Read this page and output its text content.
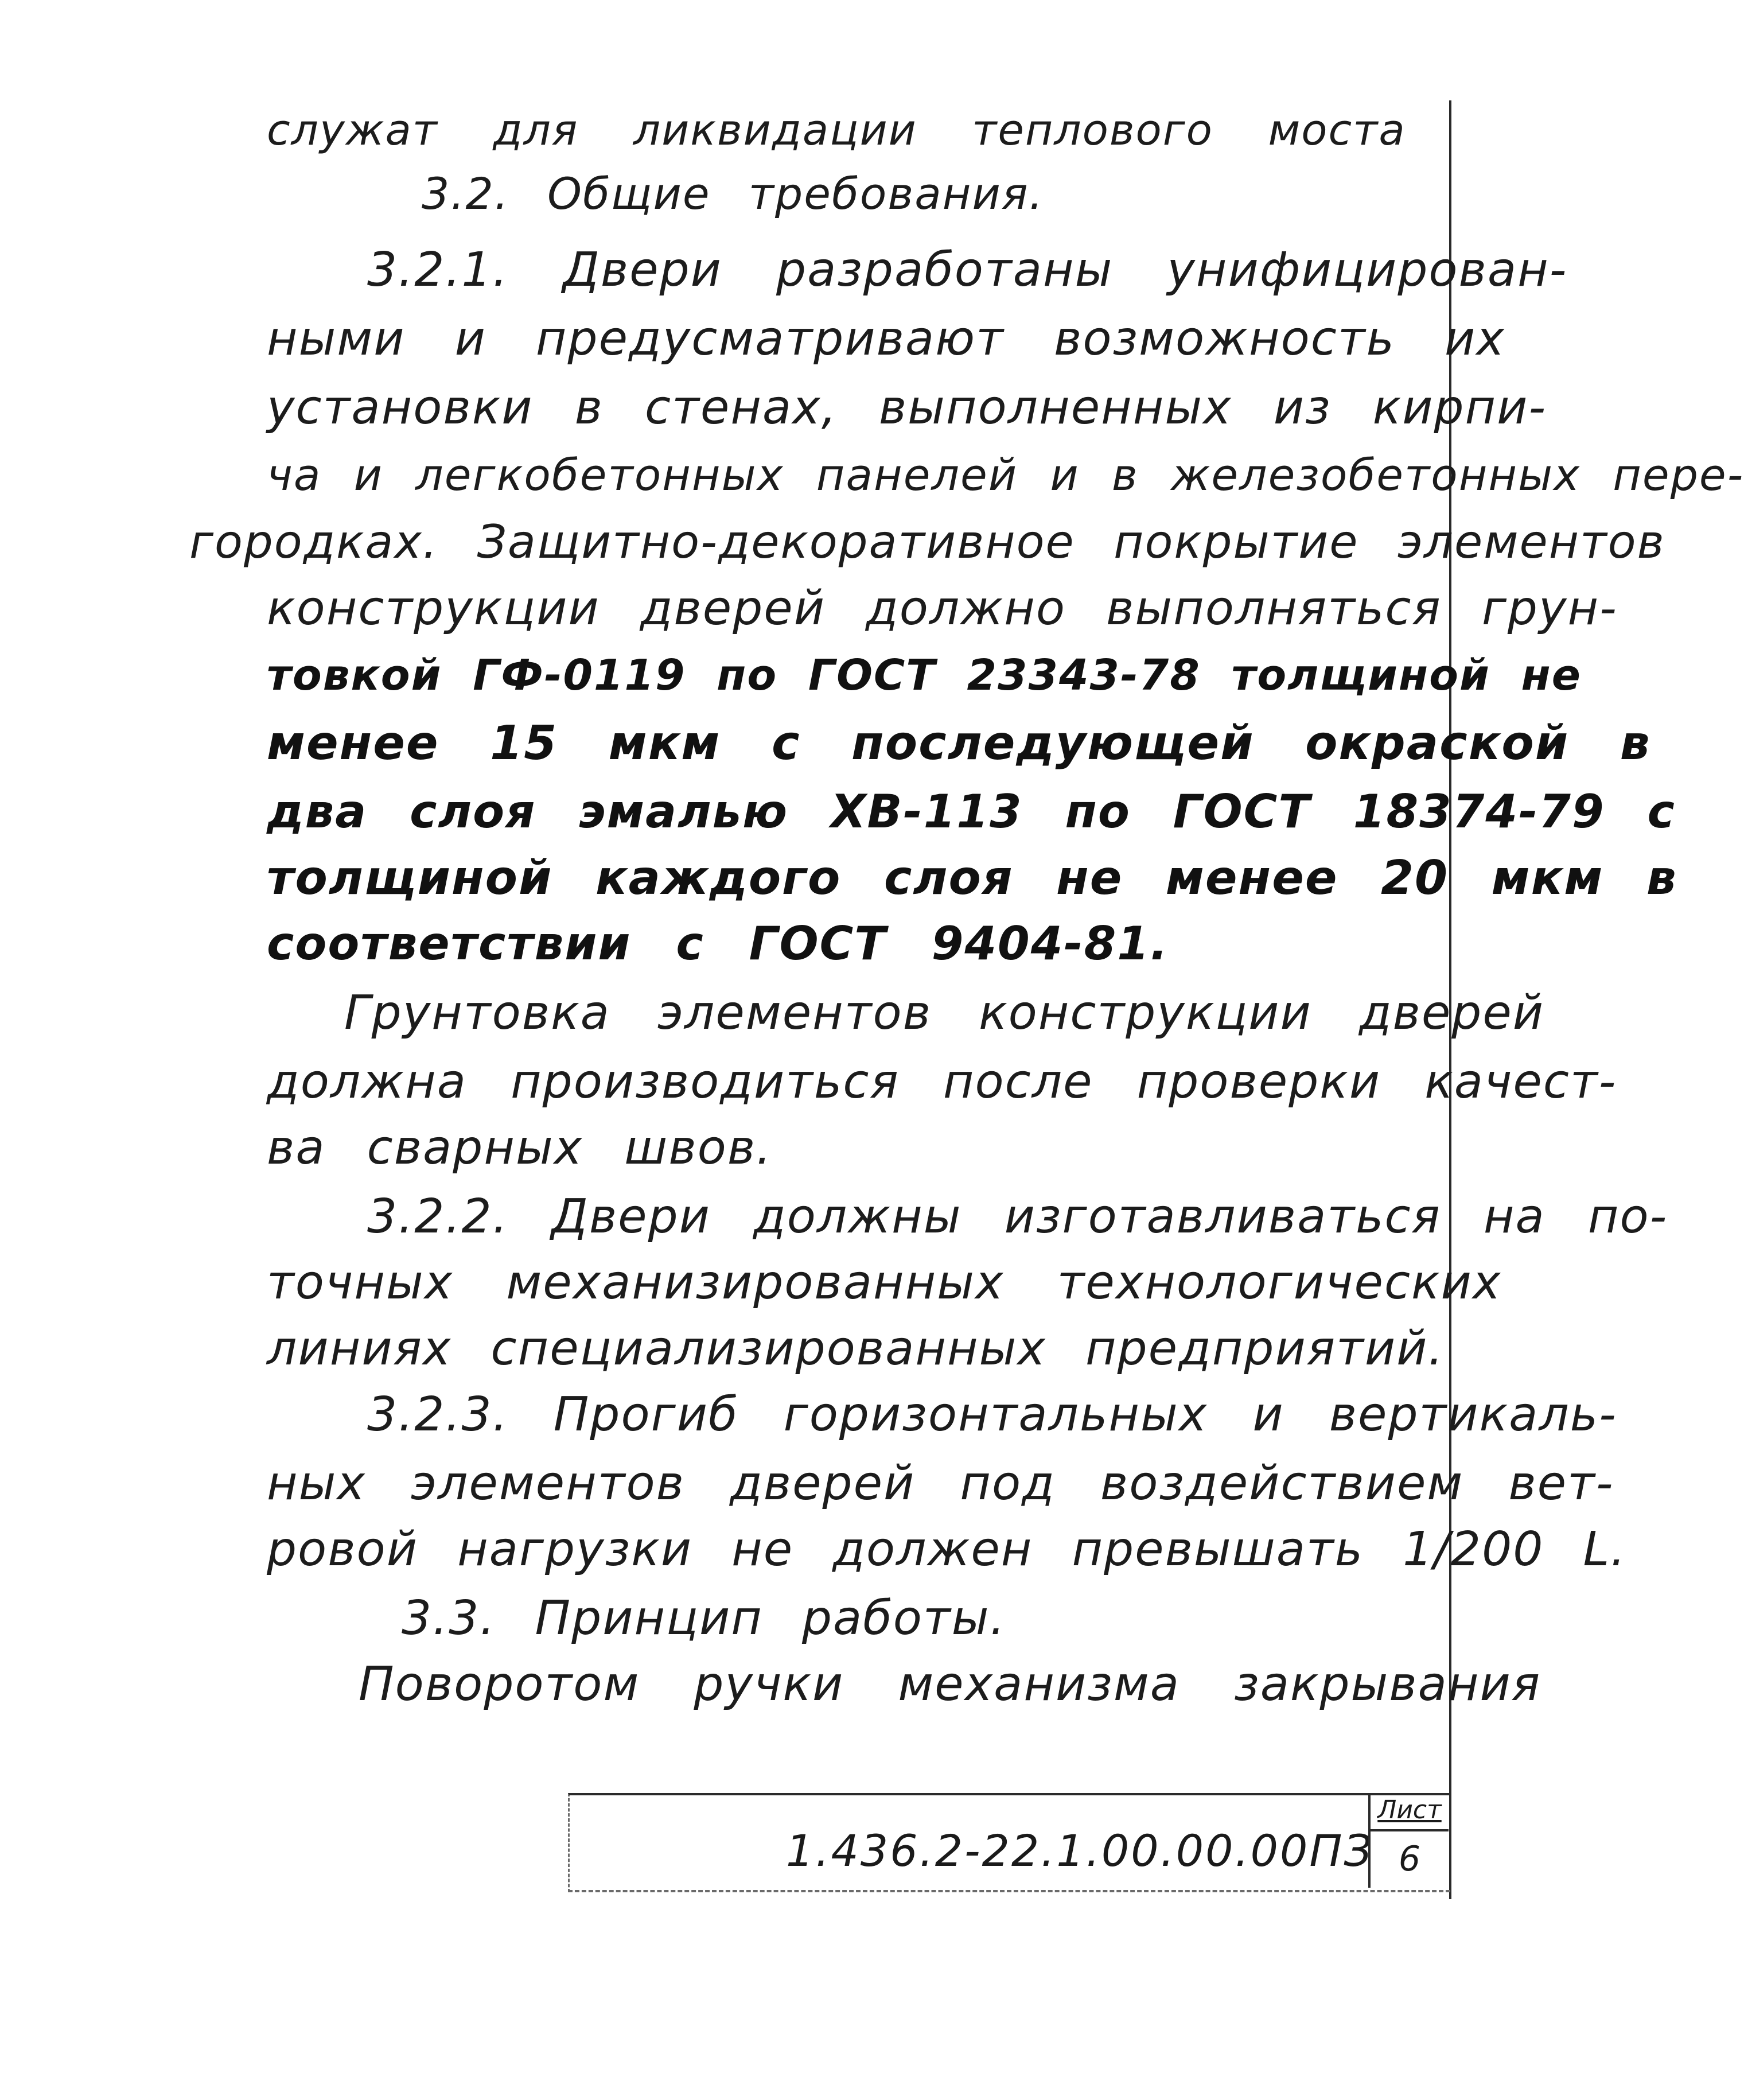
служат для ликвидации теплового моста
3.2. Общие требования.
3.2.1. Двери разработаны унифицирован-
ными и предусматривают возможность их
установки в стенах, выполненных из кирпи-
ча и легкобетонных панелей и в железобетонных пере-
городках. Защитно-декоративное покрытие элементов
конструкции дверей должно выполняться грун-
товкой ГФ-0119 по ГОСТ 23343-78 толщиной не
менее 15 мкм с последующей окраской в
два слоя эмалью ХВ-113 по ГОСТ 18374-79 с
толщиной каждого слоя не менее 20 мкм в
соответствии с ГОСТ 9404-81.
Грунтовка элементов конструкции дверей
должна производиться после проверки качест-
ва сварных швов.
3.2.2. Двери должны изготавливаться на по-
точных механизированных технологических
линиях специализированных предприятий.
3.2.3. Прогиб горизонтальных и вертикаль-
ных элементов дверей под воздействием вет-
ровой нагрузки не должен превышать 1/200 L.
3.3. Принцип работы.
Поворотом ручки механизма закрывания
1.436.2-22.1.00.00.00ПЗ
Лист
6
